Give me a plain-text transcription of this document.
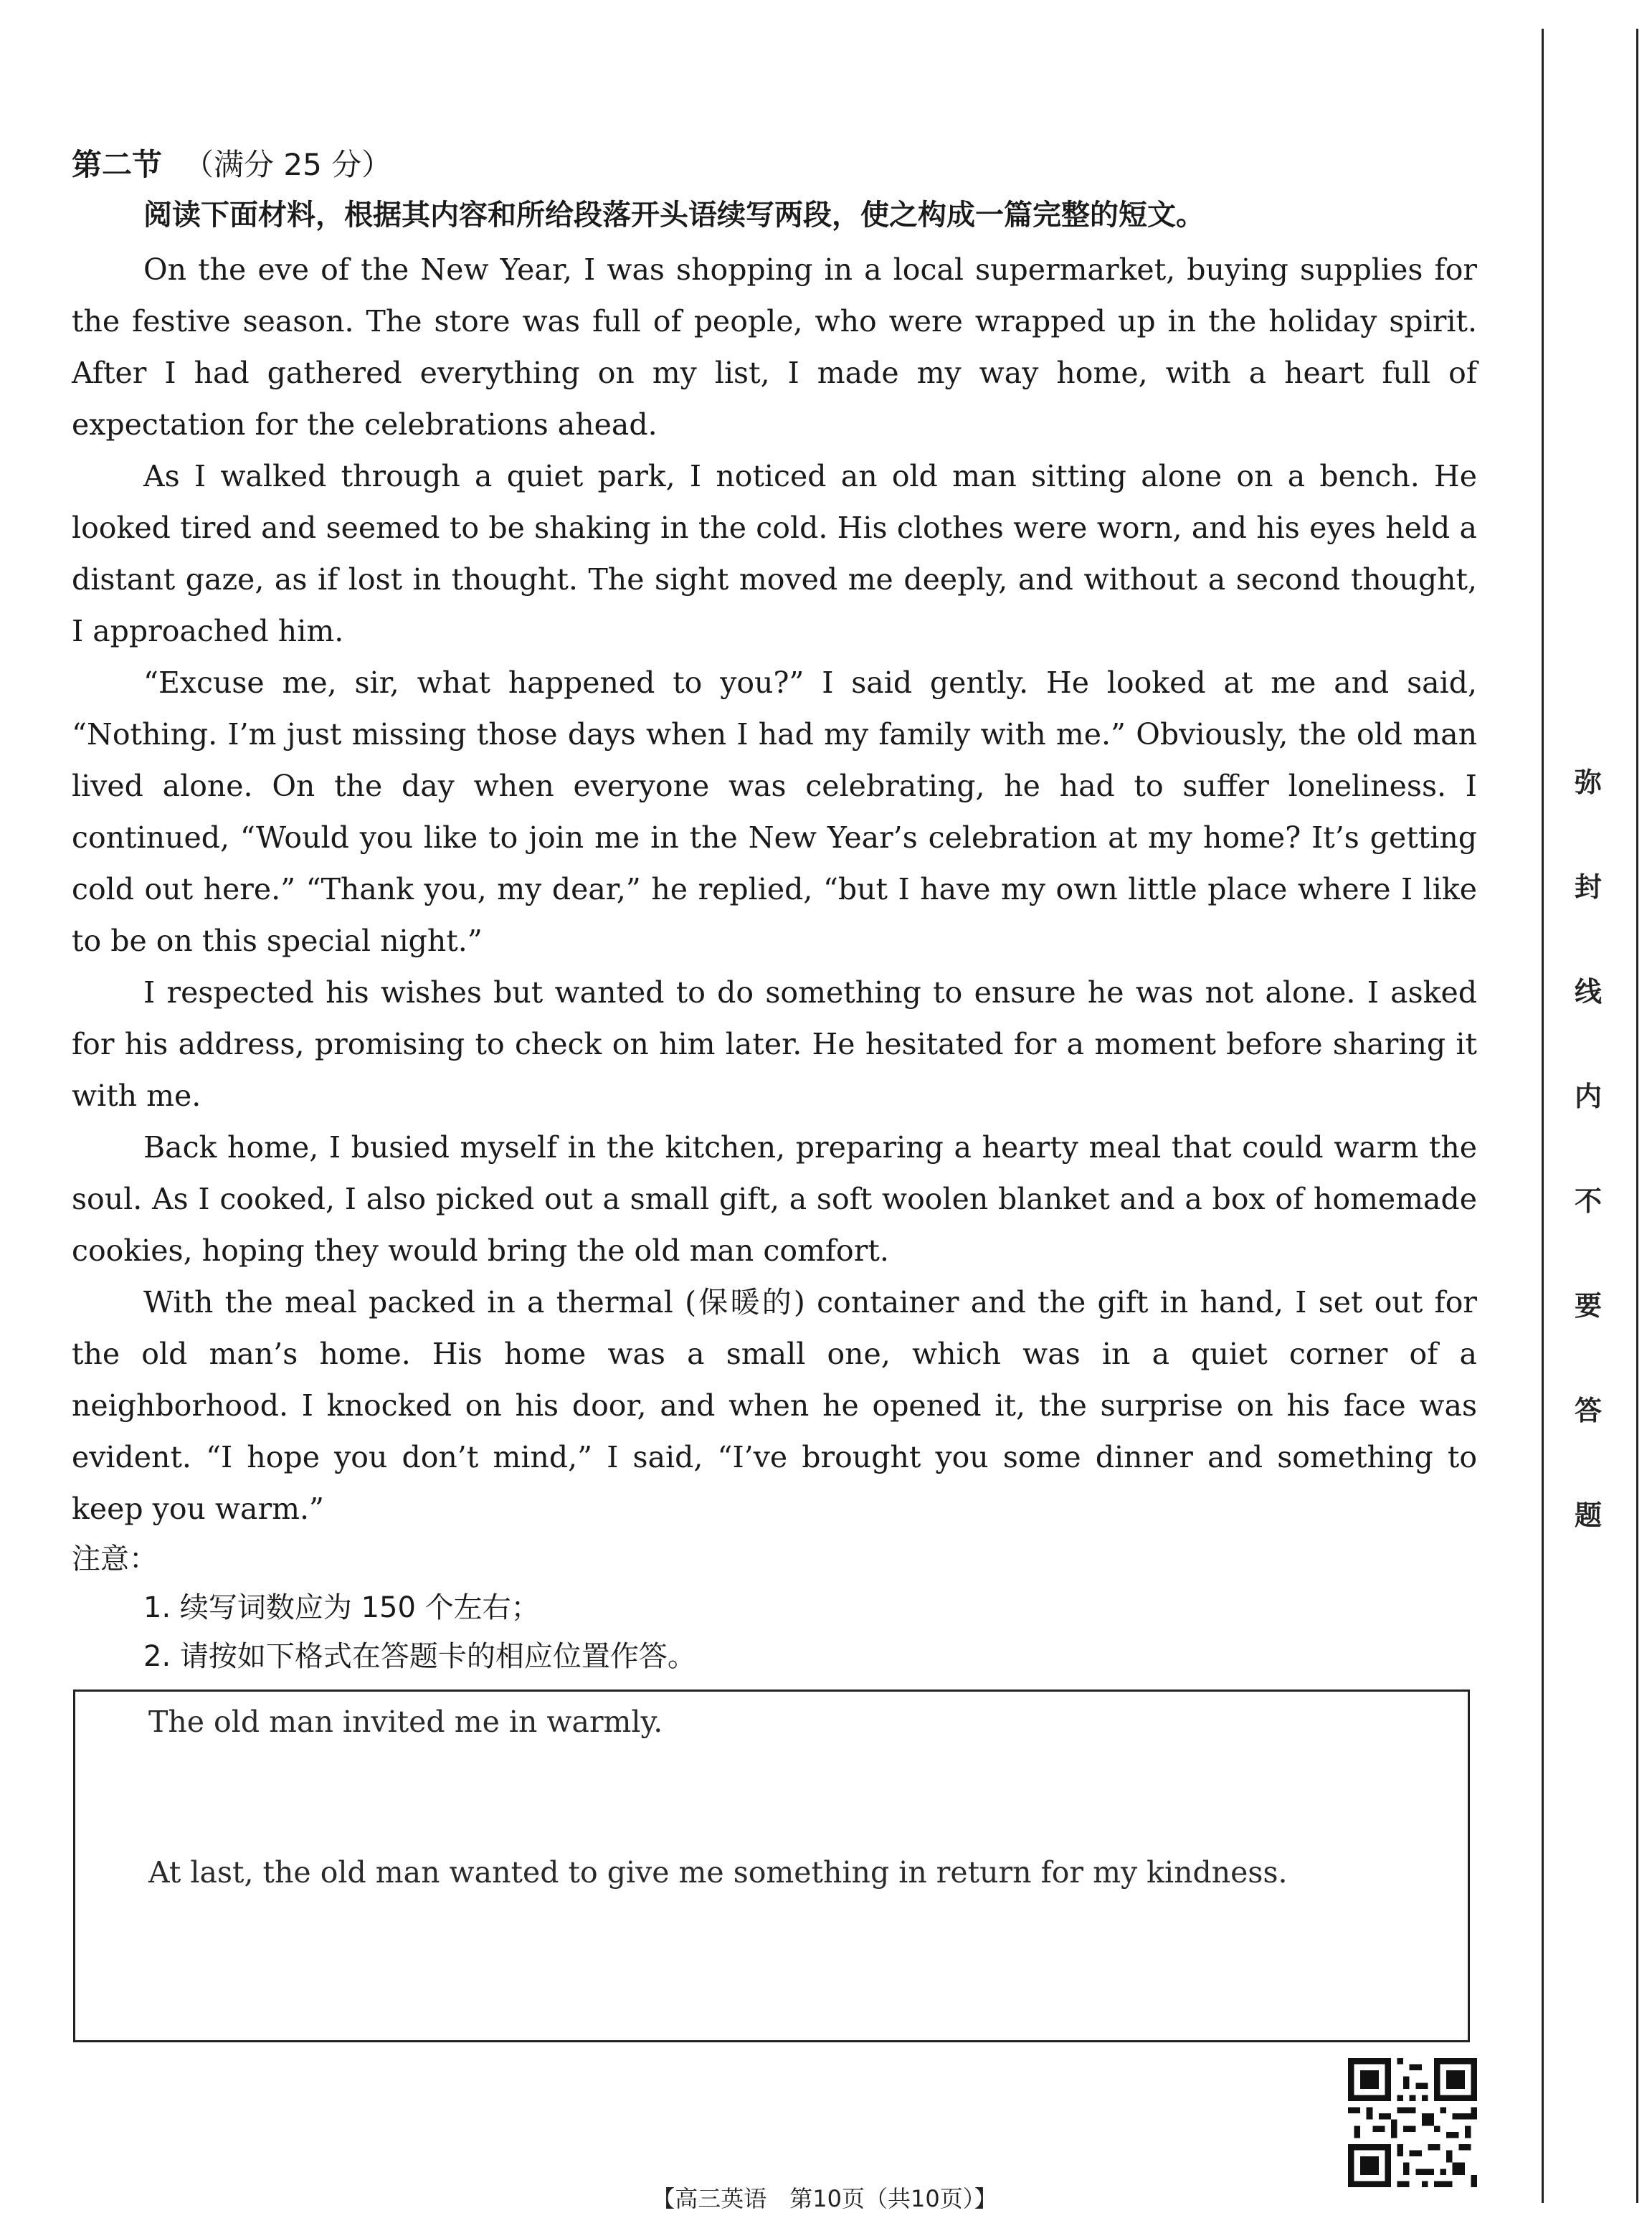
第二节 （满分 25 分）

阅读下面材料，根据其内容和所给段落开头语续写两段，使之构成一篇完整的短文。

On the eve of the New Year, I was shopping in a local supermarket, buying supplies for the festive season. The store was full of people, who were wrapped up in the holiday spirit. After I had gathered everything on my list, I made my way home, with a heart full of expectation for the celebrations ahead.

As I walked through a quiet park, I noticed an old man sitting alone on a bench. He looked tired and seemed to be shaking in the cold. His clothes were worn, and his eyes held a distant gaze, as if lost in thought. The sight moved me deeply, and without a second thought, I approached him.

“Excuse me, sir, what happened to you?” I said gently. He looked at me and said, “Nothing. I’m just missing those days when I had my family with me.” Obviously, the old man lived alone. On the day when everyone was celebrating, he had to suffer loneliness. I continued, “Would you like to join me in the New Year’s celebration at my home? It’s getting cold out here.” “Thank you, my dear,” he replied, “but I have my own little place where I like to be on this special night.”

I respected his wishes but wanted to do something to ensure he was not alone. I asked for his address, promising to check on him later. He hesitated for a moment before sharing it with me.

Back home, I busied myself in the kitchen, preparing a hearty meal that could warm the soul. As I cooked, I also picked out a small gift, a soft woolen blanket and a box of homemade cookies, hoping they would bring the old man comfort.

With the meal packed in a thermal (保暖的) container and the gift in hand, I set out for the old man’s home. His home was a small one, which was in a quiet corner of a neighborhood. I knocked on his door, and when he opened it, the surprise on his face was evident. “I hope you don’t mind,” I said, “I’ve brought you some dinner and something to keep you warm.”

注意：

1. 续写词数应为 150 个左右；

2. 请按如下格式在答题卡的相应位置作答。

The old man invited me in warmly.
At last, the old man wanted to give me something in return for my kindness.
【高三英语　第10页（共10页）】
弥
封
线
内
不
要
答
题
